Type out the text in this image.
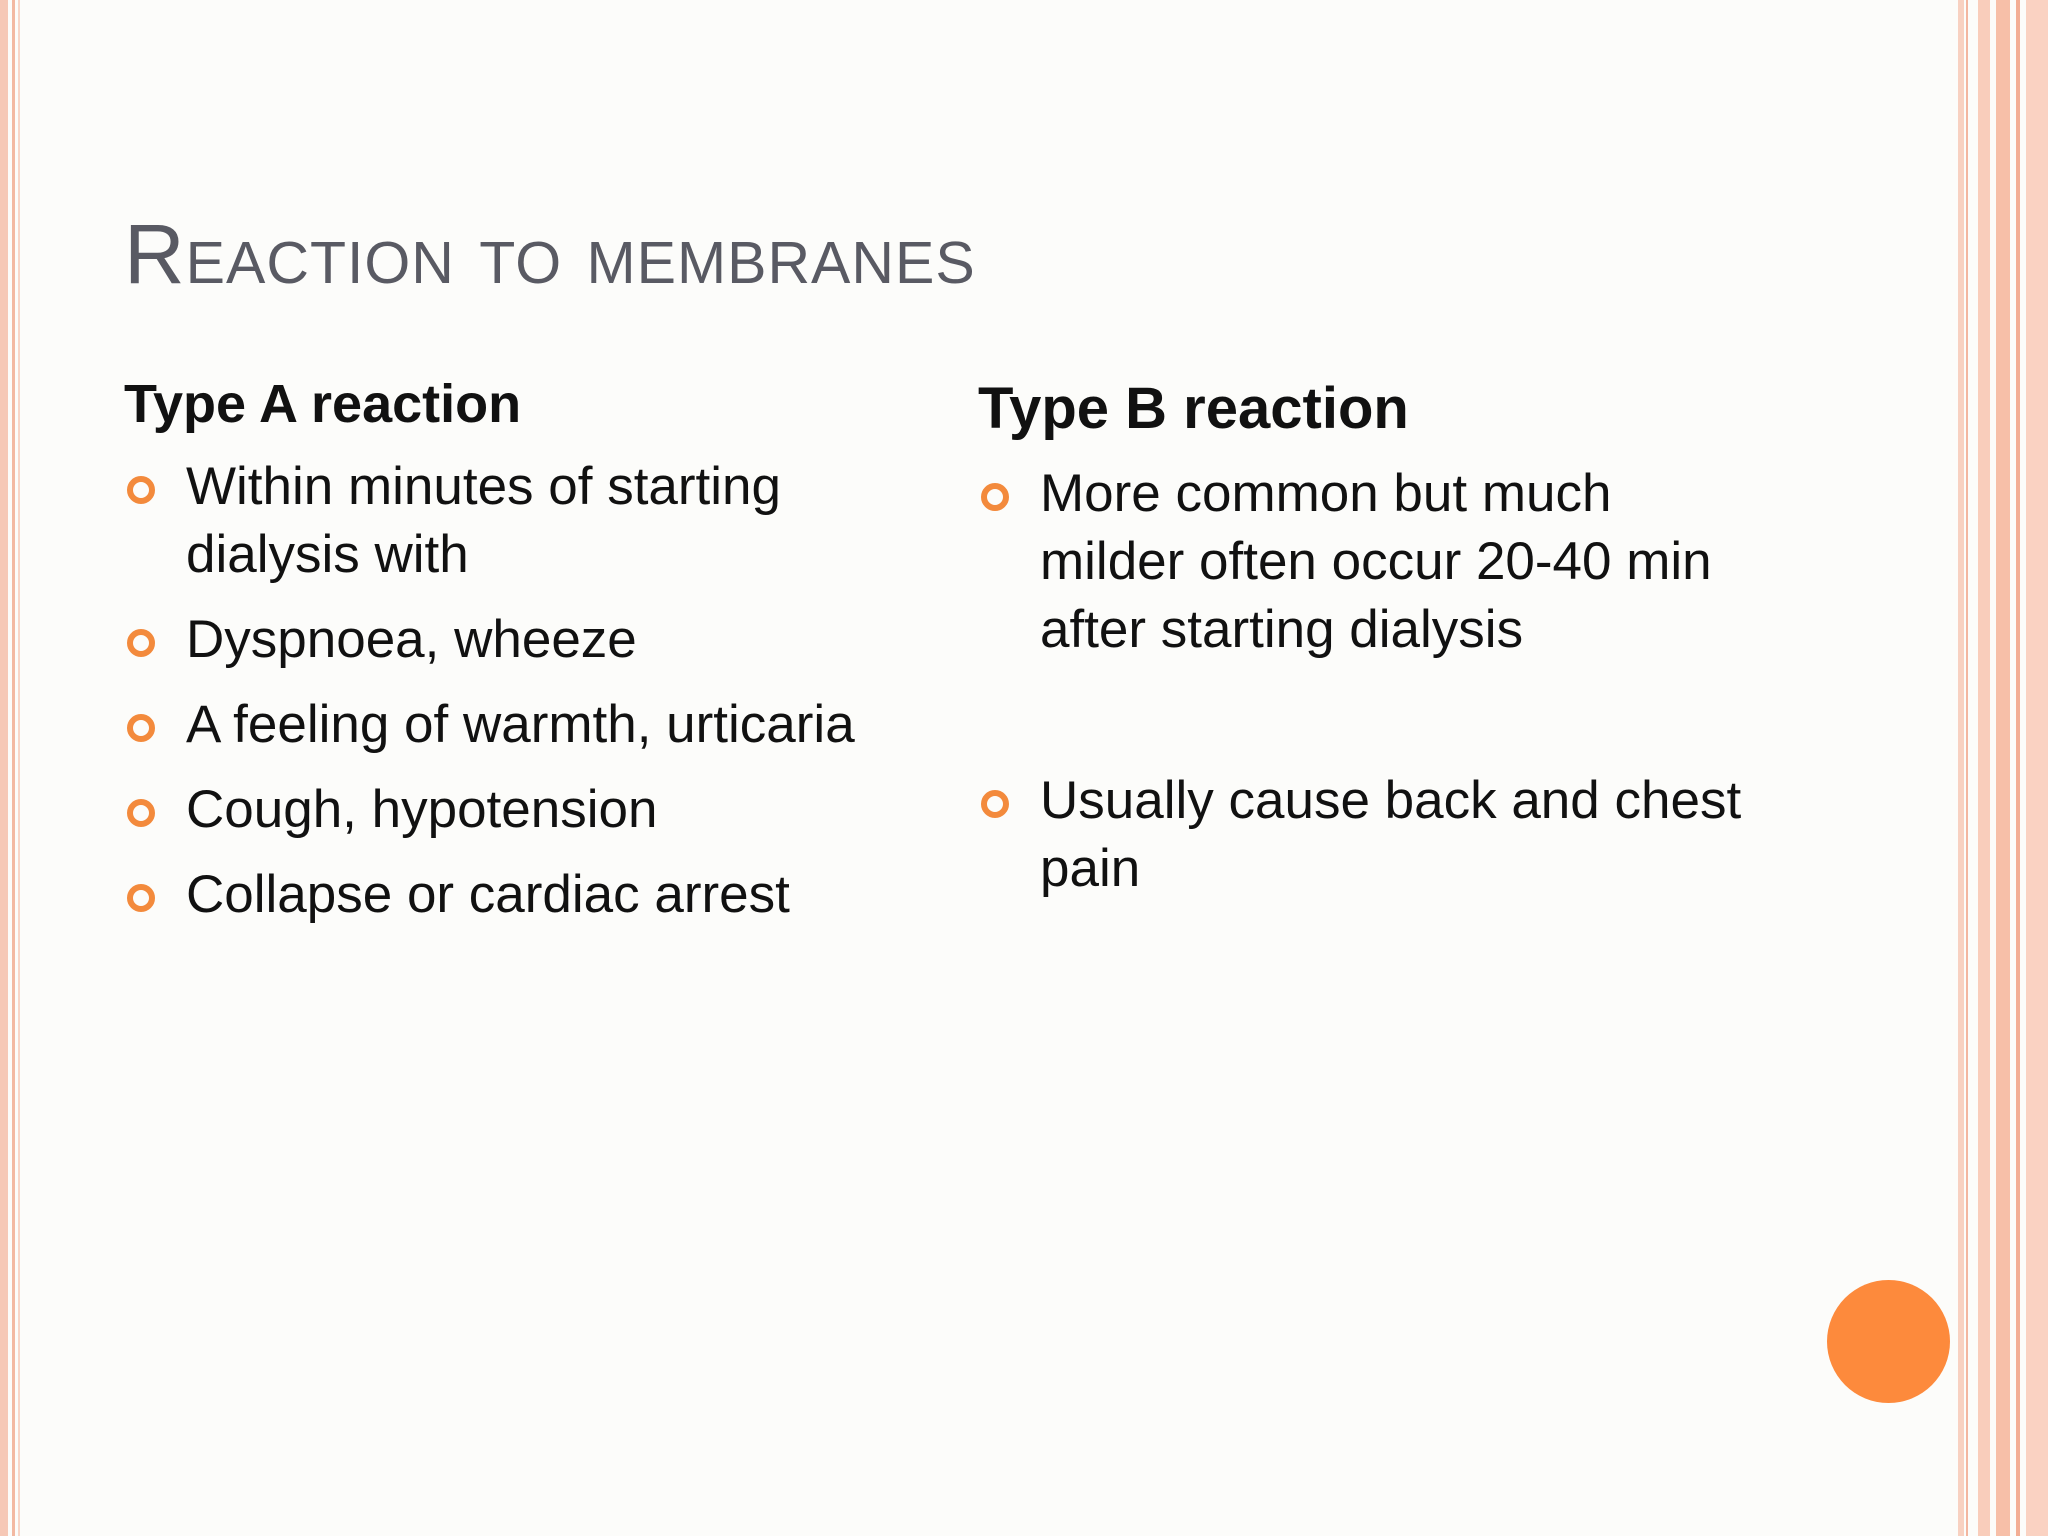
Reaction to membranes
Type A reaction
Within minutes of starting dialysis with
Dyspnoea, wheeze
A feeling of warmth, urticaria
Cough, hypotension
Collapse or cardiac arrest
Type B reaction
More common but much milder often occur 20-40 min after starting dialysis
Usually cause back and chest pain
